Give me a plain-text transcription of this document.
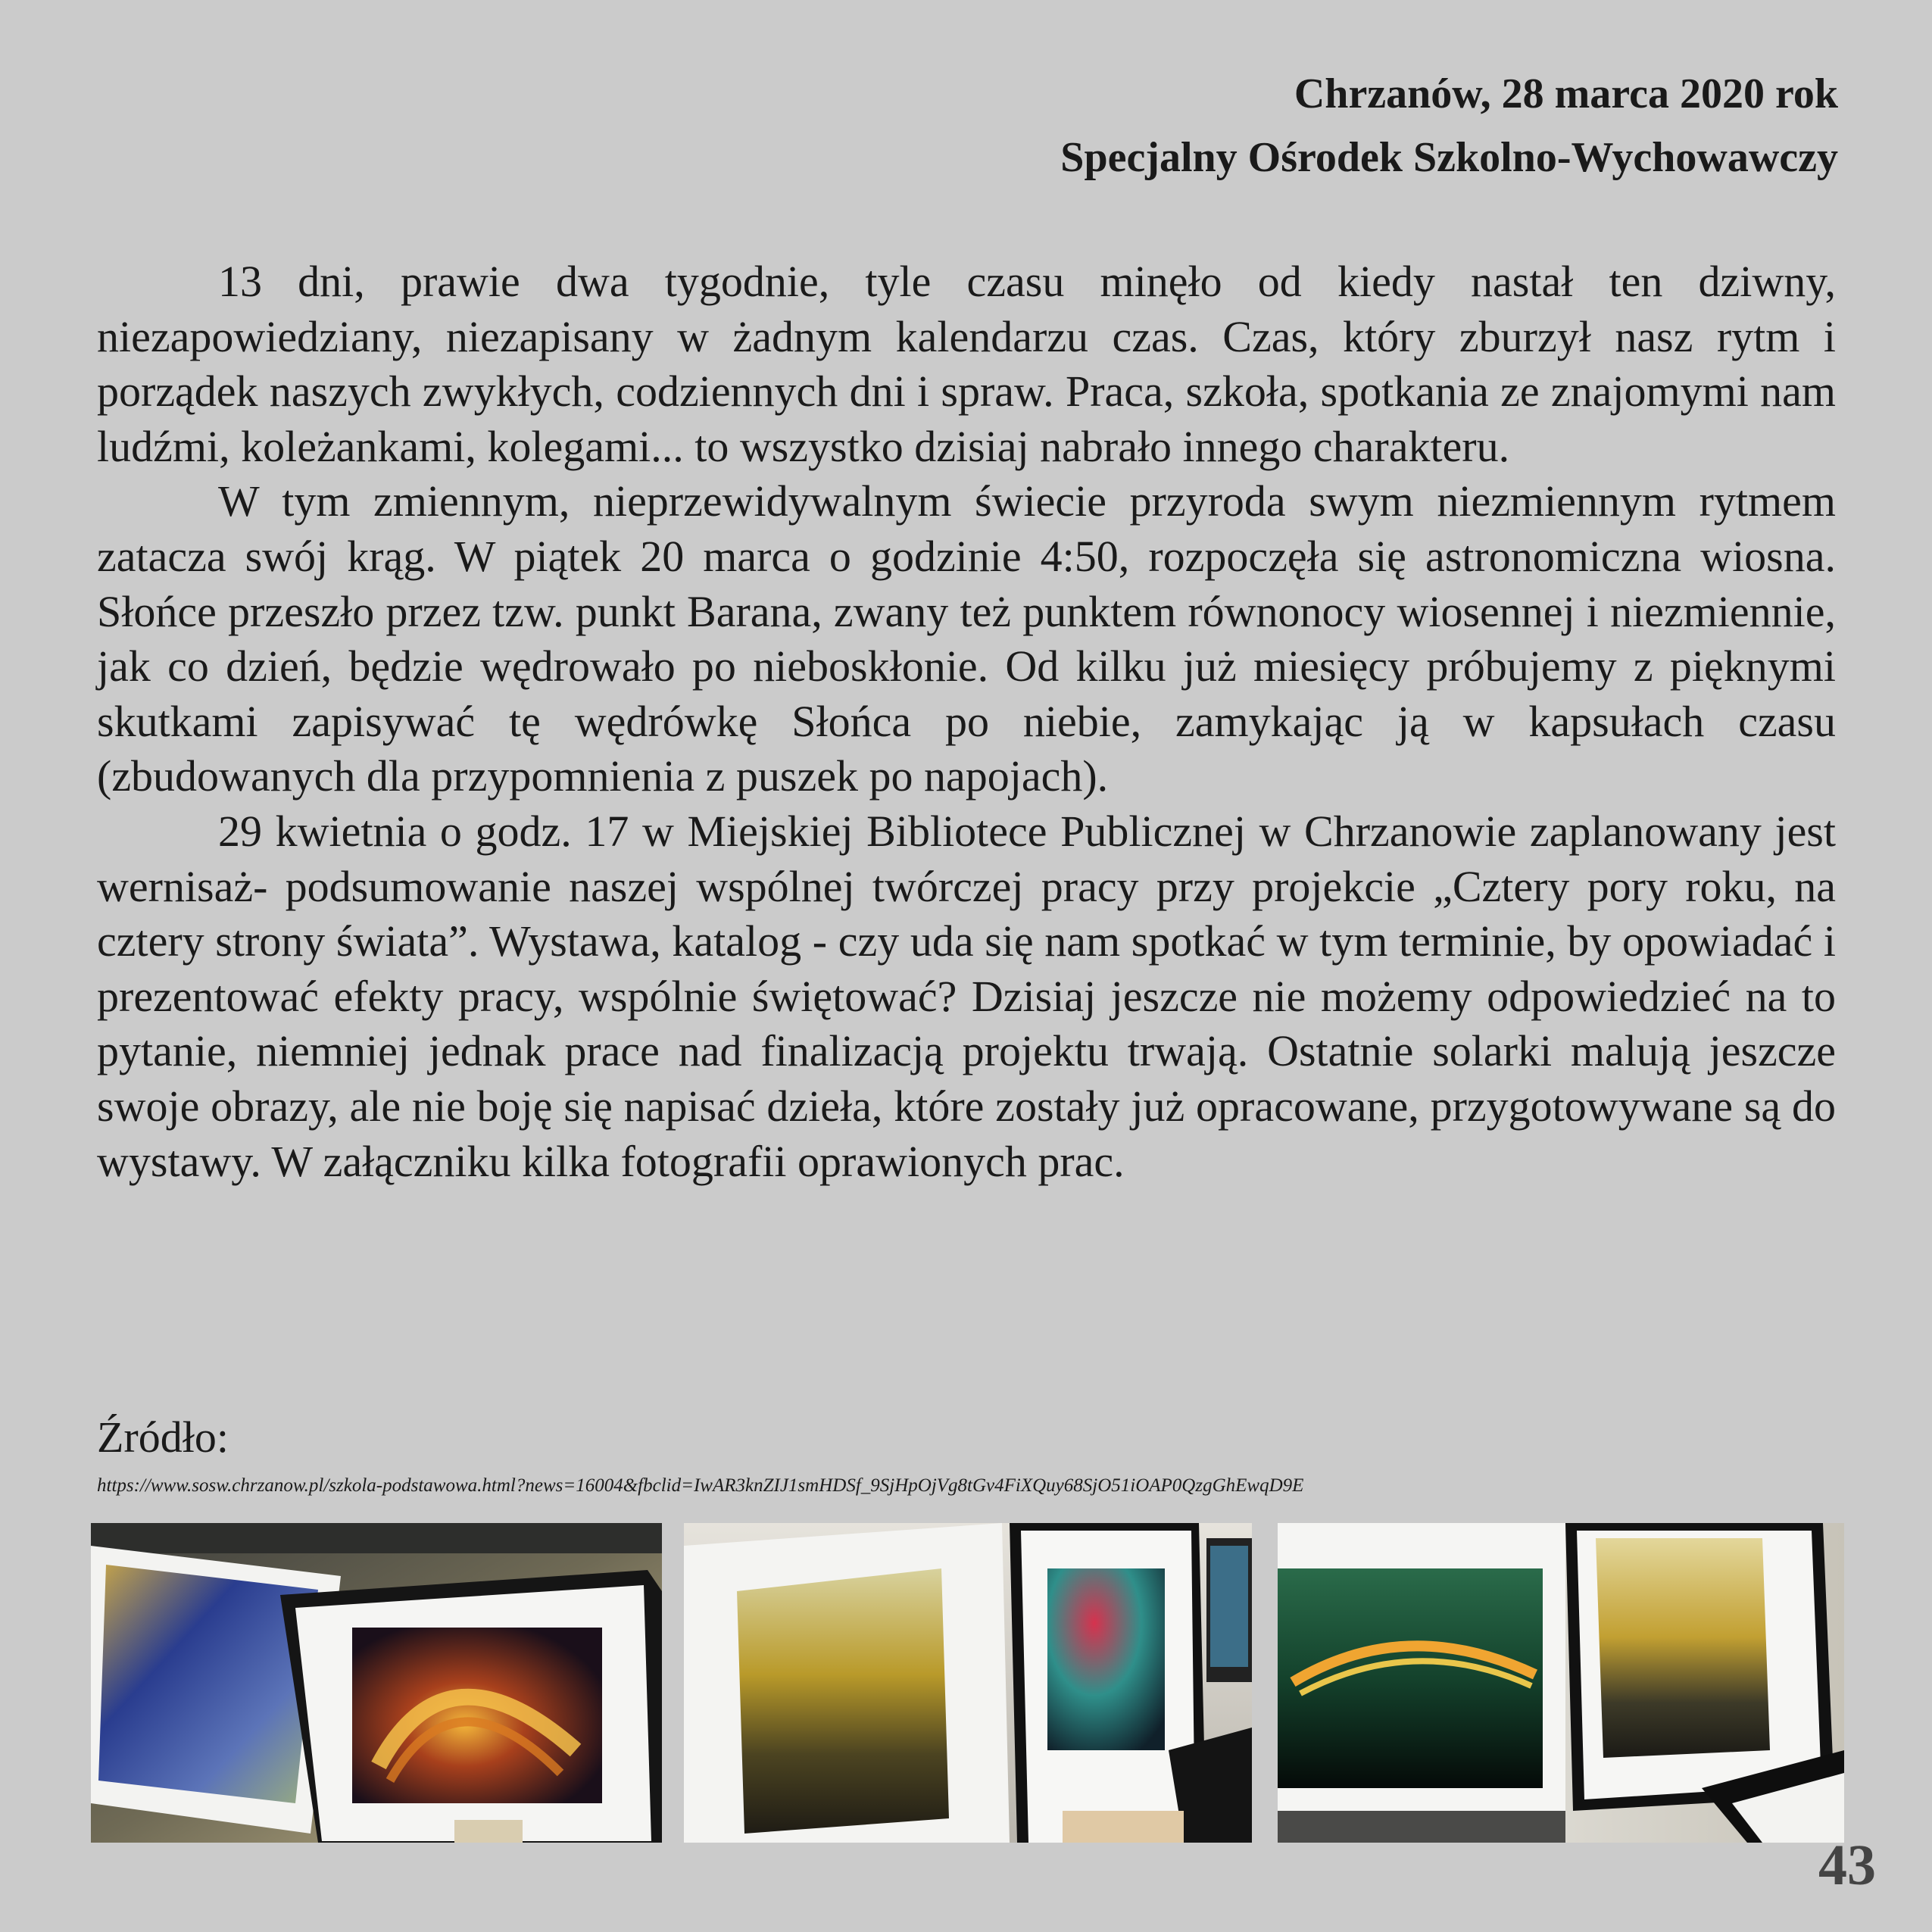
Chrzanów, 28 marca 2020 rok
Specjalny Ośrodek Szkolno-Wychowawczy

13 dni, prawie dwa tygodnie, tyle czasu minęło od kiedy nastał ten dziwny, niezapowiedziany, niezapisany w żadnym kalendarzu czas. Czas, który zburzył nasz rytm i porządek naszych zwykłych, codziennych dni i spraw. Praca, szkoła, spotkania ze znajomymi nam ludźmi, koleżankami, kolegami... to wszystko dzisiaj nabrało innego charakteru.

W tym zmiennym, nieprzewidywalnym świecie przyroda swym niezmiennym rytmem zatacza swój krąg. W piątek 20 marca o godzinie 4:50, rozpoczęła się astronomiczna wiosna. Słońce przeszło przez tzw. punkt Barana, zwany też punktem równonocy wiosennej i niezmiennie, jak co dzień, będzie wędrowało po nieboskłonie. Od kilku już miesięcy próbujemy z pięknymi skutkami zapisywać tę wędrówkę Słońca po niebie, zamykając ją w kapsułach czasu (zbudowanych dla przypomnienia z puszek po napojach).

29 kwietnia o godz. 17 w Miejskiej Bibliotece Publicznej w Chrzanowie zaplanowany jest wernisaż- podsumowanie naszej wspólnej twórczej pracy przy projekcie „Cztery pory roku, na cztery strony świata”. Wystawa, katalog - czy uda się nam spotkać w tym terminie, by opowiadać i prezentować efekty pracy, wspólnie świętować? Dzisiaj jeszcze nie możemy odpowiedzieć na to pytanie, niemniej jednak prace nad finalizacją projektu trwają. Ostatnie solarki malują jeszcze swoje obrazy, ale nie boję się napisać dzieła, które zostały już opracowane, przygotowywane są do wystawy. W załączniku kilka fotografii oprawionych prac.

Źródło:
https://www.sosw.chrzanow.pl/szkola-podstawowa.html?news=16004&fbclid=IwAR3knZIJ1smHDSf_9SjHpOjVg8tGv4FiXQuy68SjO51iOAP0QzgGhEwqD9E
43
